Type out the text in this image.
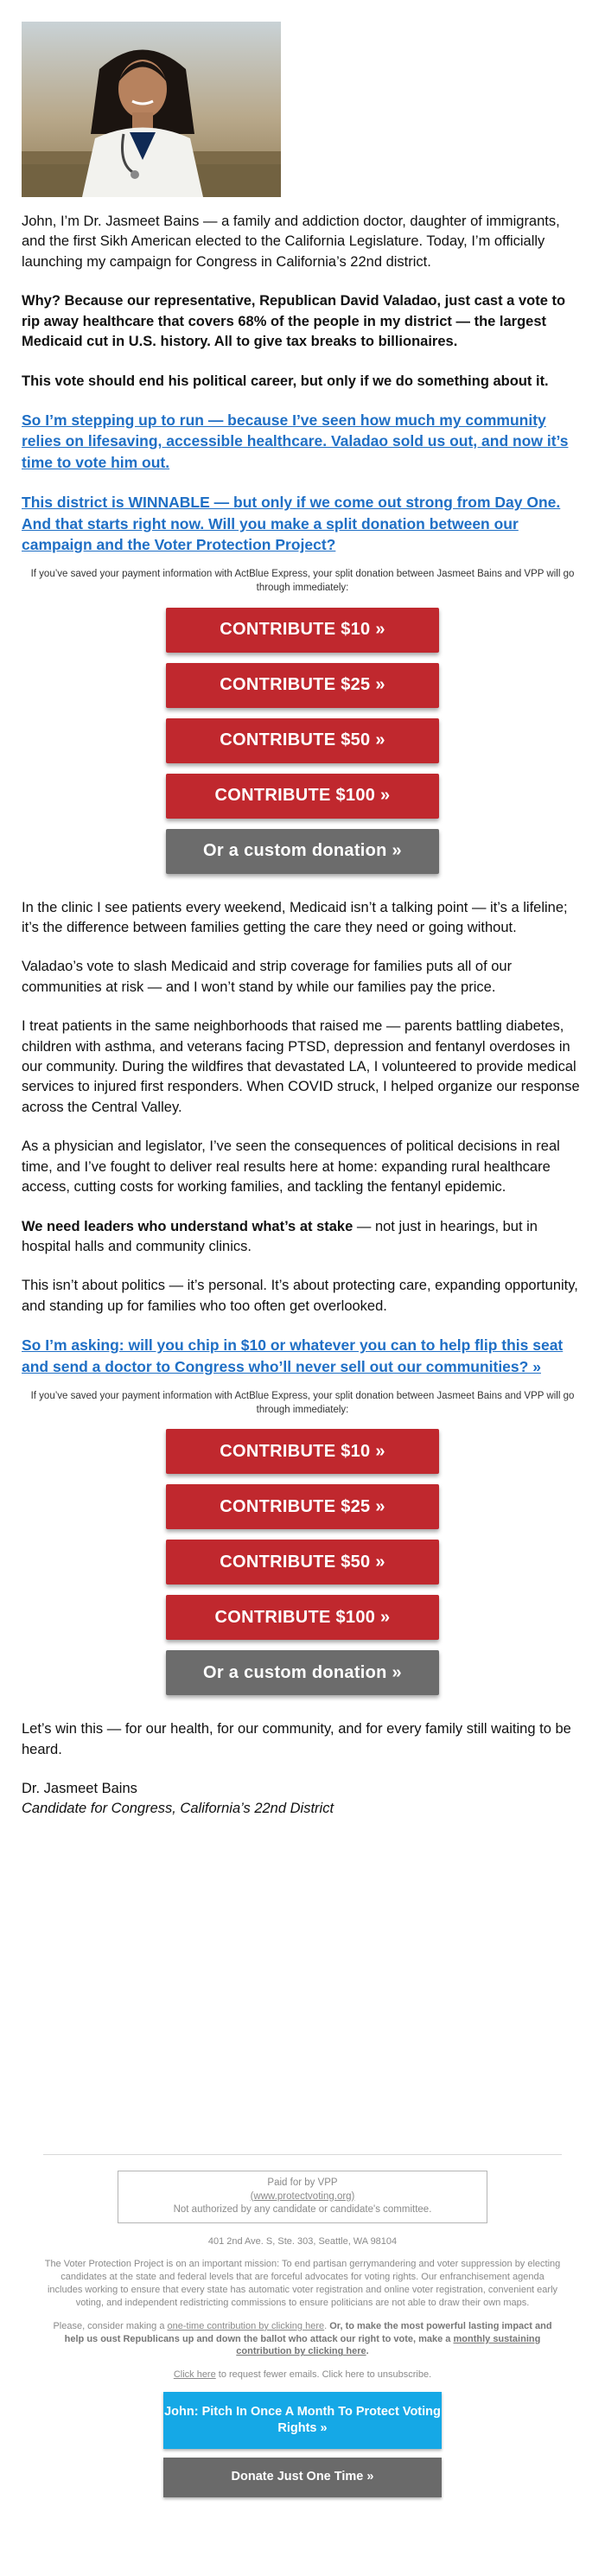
John, I’m Dr. Jasmeet Bains — a family and addiction doctor, daughter of immigrants, and the first Sikh American elected to the California Legislature. Today, I’m officially launching my campaign for Congress in California’s 22nd district.

Why? Because our representative, Republican David Valadao, just cast a vote to rip away healthcare that covers 68% of the people in my district — the largest Medicaid cut in U.S. history. All to give tax breaks to billionaires.

This vote should end his political career, but only if we do something about it.

So I’m stepping up to run — because I’ve seen how much my community relies on lifesaving, accessible healthcare. Valadao sold us out, and now it’s time to vote him out.

This district is WINNABLE — but only if we come out strong from Day One. And that starts right now. Will you make a split donation between our campaign and the Voter Protection Project?

If you’ve saved your payment information with ActBlue Express, your split donation between Jasmeet Bains and VPP will go through immediately:
CONTRIBUTE $10 »
CONTRIBUTE $25 »
CONTRIBUTE $50 »
CONTRIBUTE $100 »
Or a custom donation »

In the clinic I see patients every weekend, Medicaid isn’t a talking point — it’s a lifeline; it’s the difference between families getting the care they need or going without.

Valadao’s vote to slash Medicaid and strip coverage for families puts all of our communities at risk — and I won’t stand by while our families pay the price.

I treat patients in the same neighborhoods that raised me — parents battling diabetes, children with asthma, and veterans facing PTSD, depression and fentanyl overdoses in our community. During the wildfires that devastated LA, I volunteered to provide medical services to injured first responders. When COVID struck, I helped organize our response across the Central Valley.

As a physician and legislator, I’ve seen the consequences of political decisions in real time, and I’ve fought to deliver real results here at home: expanding rural healthcare access, cutting costs for working families, and tackling the fentanyl epidemic.

We need leaders who understand what’s at stake — not just in hearings, but in hospital halls and community clinics.

This isn’t about politics — it’s personal. It’s about protecting care, expanding opportunity, and standing up for families who too often get overlooked.

So I’m asking: will you chip in $10 or whatever you can to help flip this seat and send a doctor to Congress who’ll never sell out our communities? »

If you’ve saved your payment information with ActBlue Express, your split donation between Jasmeet Bains and VPP will go through immediately:
CONTRIBUTE $10 »
CONTRIBUTE $25 »
CONTRIBUTE $50 »
CONTRIBUTE $100 »
Or a custom donation »

Let’s win this — for our health, for our community, and for every family still waiting to be heard.

Dr. Jasmeet Bains

Candidate for Congress, California’s 22nd District

Paid for by VPP
(www.protectvoting.org)
Not authorized by any candidate or candidate's committee.

401 2nd Ave. S, Ste. 303, Seattle, WA 98104

The Voter Protection Project is on an important mission: To end partisan gerrymandering and voter suppression by electing candidates at the state and federal levels that are forceful advocates for voting rights. Our enfranchisement agenda includes working to ensure that every state has automatic voter registration and online voter registration, convenient early voting, and independent redistricting commissions to ensure politicians are not able to draw their own maps.

Please, consider making a one-time contribution by clicking here. Or, to make the most powerful lasting impact and help us oust Republicans up and down the ballot who attack our right to vote, make a monthly sustaining contribution by clicking here.

Click here to request fewer emails. Click here to unsubscribe.

John: Pitch In Once A Month To Protect Voting Rights »
Donate Just One Time »
